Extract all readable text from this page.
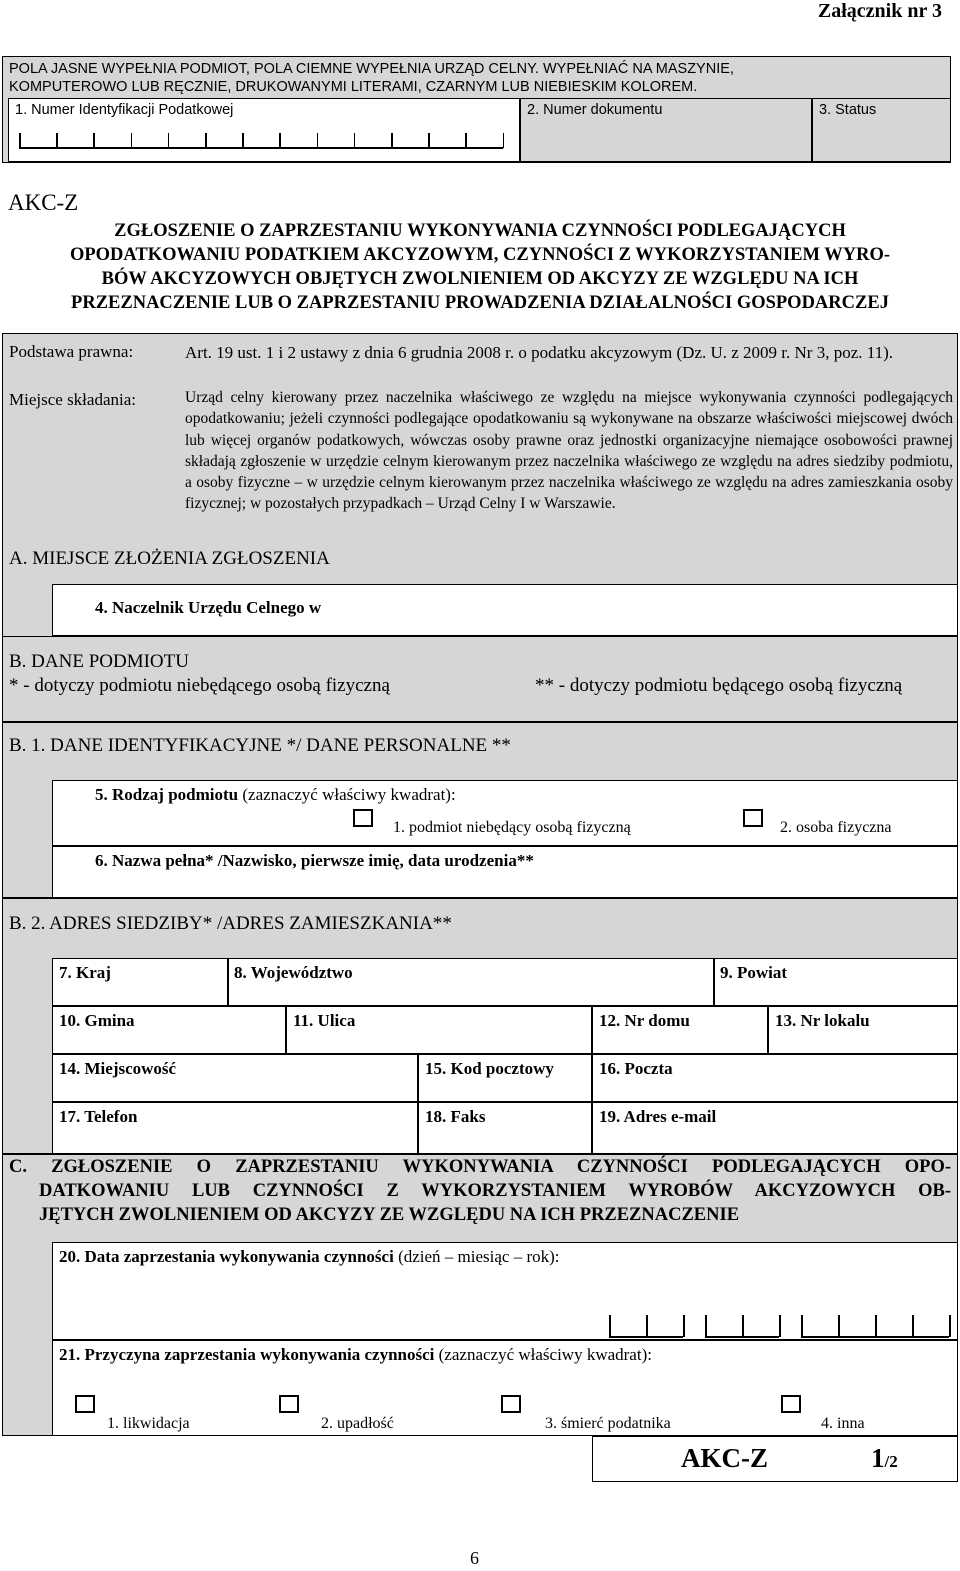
Załącznik nr 3
POLA JASNE WYPEŁNIA PODMIOT, POLA CIEMNE WYPEŁNIA URZĄD CELNY. WYPEŁNIAĆ NA MASZYNIE,
KOMPUTEROWO LUB RĘCZNIE, DRUKOWANYMI LITERAMI, CZARNYM LUB NIEBIESKIM KOLOREM.
1. Numer Identyfikacji Podatkowej	2. Numer dokumentu	3. Status
AKC-Z
ZGŁOSZENIE O ZAPRZESTANIU WYKONYWANIA CZYNNOŚCI PODLEGAJĄCYCH
OPODATKOWANIU PODATKIEM AKCYZOWYM, CZYNNOŚCI Z WYKORZYSTANIEM WYRO-
BÓW AKCYZOWYCH OBJĘTYCH ZWOLNIENIEM OD AKCYZY ZE WZGLĘDU NA ICH
PRZEZNACZENIE LUB O ZAPRZESTANIU PROWADZENIA DZIAŁALNOŚCI GOSPODARCZEJ
Podstawa prawna:	Art. 19 ust. 1 i 2 ustawy z dnia 6 grudnia 2008 r. o podatku akcyzowym (Dz. U. z 2009 r. Nr 3, poz. 11).
Miejsce składania:	Urząd celny kierowany przez naczelnika właściwego ze względu na miejsce wykonywania czynności podlegających opodatkowaniu; jeżeli czynności podlegające opodatkowaniu są wykonywane na obszarze właściwości miejscowej dwóch lub więcej organów podatkowych, wówczas osoby prawne oraz jednostki organizacyjne niemające osobowości prawnej składają zgłoszenie w urzędzie celnym kierowanym przez naczelnika właściwego ze względu na adres siedziby podmiotu, a osoby fizyczne – w urzędzie celnym kierowanym przez naczelnika właściwego ze względu na adres zamieszkania osoby fizycznej; w pozostałych przypadkach – Urząd Celny I w Warszawie.
A. MIEJSCE ZŁOŻENIA ZGŁOSZENIA
4. Naczelnik Urzędu Celnego w
B. DANE PODMIOTU
* - dotyczy podmiotu niebędącego osobą fizyczną	** - dotyczy podmiotu będącego osobą fizyczną
B. 1. DANE IDENTYFIKACYJNE */ DANE PERSONALNE **
5. Rodzaj podmiotu (zaznaczyć właściwy kwadrat):
1. podmiot niebędący osobą fizyczną	2. osoba fizyczna
6. Nazwa pełna* /Nazwisko, pierwsze imię, data urodzenia**
B. 2. ADRES SIEDZIBY* /ADRES ZAMIESZKANIA**
7. Kraj	8. Województwo	9. Powiat
10. Gmina	11. Ulica	12. Nr domu	13. Nr lokalu
14. Miejscowość	15. Kod pocztowy	16. Poczta
17. Telefon	18. Faks	19. Adres e-mail
C. ZGŁOSZENIE O ZAPRZESTANIU WYKONYWANIA CZYNNOŚCI PODLEGAJĄCYCH OPO-
DATKOWANIU LUB CZYNNOŚCI Z WYKORZYSTANIEM WYROBÓW AKCYZOWYCH OB-
JĘTYCH ZWOLNIENIEM OD AKCYZY ZE WZGLĘDU NA ICH PRZEZNACZENIE
20. Data zaprzestania wykonywania czynności (dzień – miesiąc – rok):
21. Przyczyna zaprzestania wykonywania czynności (zaznaczyć właściwy kwadrat):
1. likwidacja	2. upadłość	3. śmierć podatnika	4. inna
AKC-Z	1/2
6
